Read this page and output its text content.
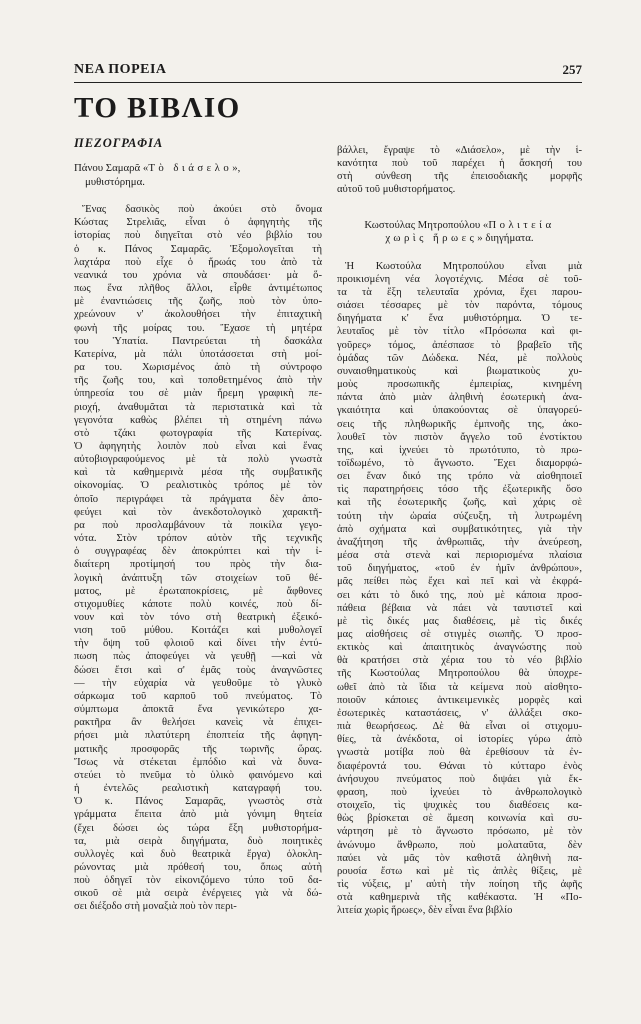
ΝΕΑ ΠΟΡΕΙΑ	257
ΤΟ ΒΙΒΛΙΟ
ΠΕΖΟΓΡΑΦΙΑ
Πάνου Σαμαρᾶ «Τὸ διάσελο»,
μυθιστόρημα.
Ἕνας δασικὸς ποὺ ἀκούει στὸ ὄνομα
Κώστας Στρελιᾶς, εἶναι ὁ ἀφηγητὴς τῆς
ἱστορίας ποὺ διηγεῖται στὸ νέο βιβλίο του
ὁ κ. Πάνος Σαμαρᾶς. Ἐξομολογεῖται τὴ
λαχτάρα ποὺ εἶχε ὁ ἥρωάς του ἀπὸ τὰ
νεανικά του χρόνια νὰ σπουδάσει· μὰ ὅ-
πως ἕνα πλῆθος ἄλλοι, εἶρθε ἀντιμέτωπος
μὲ ἐναντιώσεις τῆς ζωῆς, ποὺ τὸν ὑπο-
χρεώνουν ν' ἀκολουθήσει τὴν ἐπιταχτικὴ
φωνὴ τῆς μοίρας του. Ἔχασε τὴ μητέρα
του Ὑπατία. Παντρεύεται τὴ δασκάλα
Κατερίνα, μὰ πάλι ὑποτάσσεται στὴ μοί-
ρα του. Χωρισμένος ἀπὸ τὴ σύντροφο
τῆς ζωῆς του, καὶ τοποθετημένος ἀπὸ τὴν
ὑπηρεσία του σὲ μιὰν ἥρεμη γραφικὴ πε-
ριοχή, ἀναθυμᾶται τὰ περιστατικὰ καὶ τὰ
γεγονότα καθὼς βλέπει τὴ στημένη πάνω
στὸ τζάκι φωτογραφία τῆς Κατερίνας.
Ὁ ἀφηγητὴς λοιπὸν ποὺ εἶναι καὶ ἕνας
αὐτοβιογραφούμενος μὲ τὰ πολὺ γνωστὰ
καὶ τὰ καθημερινὰ μέσα τῆς συμβατικῆς
οἰκονομίας. Ὁ ρεαλιστικὸς τρόπος μὲ τὸν
ὁποῖο περιγράφει τὰ πράγματα δὲν ἀπο-
φεύγει καὶ τὸν ἀνεκδοτολογικὸ χαρακτῆ-
ρα ποὺ προσλαμβάνουν τὰ ποικίλα γεγο-
νότα. Στὸν τρόπον αὐτὸν τῆς τεχνικῆς
ὁ συγγραφέας δὲν ἀποκρύπτει καὶ τὴν ἰ-
διαίτερη προτίμησή του πρὸς τὴν δια-
λογικὴ ἀνάπτυξη τῶν στοιχείων τοῦ θέ-
ματος, μὲ ἐρωταποκρίσεις, μὲ ἄφθονες
στιχομυθίες κάποτε πολὺ κοινές, ποὺ δί-
νουν καὶ τὸν τόνο στὴ θεατρικὴ ἐξεικό-
νιση τοῦ μύθου. Κοιτάζει καὶ μυθολογεῖ
τὴν ὄψη τοῦ φλοιοῦ καὶ δίνει τὴν ἐντύ-
πωση πὼς ἀποφεύγει νὰ γευθῇ —καὶ νὰ
δώσει ἔτσι καὶ σ' ἐμᾶς τοὺς ἀναγνῶστες
— τὴν εὐχαρία νὰ γευθοῦμε τὸ γλυκὸ
σάρκωμα τοῦ καρποῦ τοῦ πνεύματος. Τὸ
σύμπτωμα ἀποκτᾶ ἕνα γενικώτερο χα-
ρακτῆρα ἂν θελήσει κανεὶς νὰ ἐπιχει-
ρήσει μιὰ πλατύτερη ἐποπτεία τῆς ἀφηγη-
ματικῆς προσφορᾶς τῆς τωρινῆς ὥρας.
Ἴσως νὰ στέκεται ἐμπόδιο καὶ νὰ δυνα-
στεύει τὸ πνεῦμα τὸ ὑλικὸ φαινόμενο καὶ
ἡ ἐντελῶς ρεαλιστικὴ καταγραφή του.
Ὁ κ. Πάνος Σαμαρᾶς, γνωστὸς στὰ
γράμματα ἔπειτα ἀπὸ μιὰ γόνιμη θητεία
(ἔχει δώσει ὡς τώρα ἕξη μυθιστορήμα-
τα, μιὰ σειρὰ διηγήματα, δυὸ ποιητικὲς
συλλογὲς καὶ δυὸ θεατρικὰ ἔργα) ὁλοκλη-
ρώνοντας μιὰ πρόθεσή του, ὅπως αὐτὴ
ποὺ ὁδηγεῖ τὸν εἰκονιζόμενο τύπο τοῦ δα-
σικοῦ σὲ μιὰ σειρὰ ἐνέργειες γιὰ νὰ δώ-
σει διέξοδο στὴ μοναξιὰ ποὺ τὸν περι-
βάλλει, ἔγραψε τὸ «Διάσελο», μὲ τὴν ἱ-
κανότητα ποὺ τοῦ παρέχει ἡ ἄσκησή του
στὴ σύνθεση τῆς ἐπεισοδιακῆς μορφῆς
αὐτοῦ τοῦ μυθιστορήματος.
Κωστούλας Μητροπούλου «Πολιτεία
χωρὶς ἥρωες» διηγήματα.
Ἡ Κωστούλα Μητροπούλου εἶναι μιὰ
προικισμένη νέα λογοτέχνις. Μέσα σὲ τοῦ-
τα τὰ ἕξη τελευταῖα χρόνια, ἔχει παρου-
σιάσει τέσσαρες μὲ τὸν παρόντα, τόμους
διηγήματα κ' ἕνα μυθιστόρημα. Ὁ τε-
λευταῖος μὲ τὸν τίτλο «Πρόσωπα καὶ φι-
γοῦρες» τόμος, ἀπέσπασε τὸ βραβεῖο τῆς
ὁμάδας τῶν Δώδεκα. Νέα, μὲ πολλοὺς
συναισθηματικοὺς καὶ βιωματικοὺς χυ-
μοὺς προσωπικῆς ἐμπειρίας, κινημένη
πάντα ἀπὸ μιὰν ἀληθινὴ ἐσωτερικὴ ἀνα-
γκαιότητα καὶ ὑπακούοντας σὲ ὑπαγορεύ-
σεις τῆς πληθωρικῆς ἐμπνοῆς της, ἀκο-
λουθεῖ τὸν πιστὸν ἄγγελο τοῦ ἐνστίκτου
της, καὶ ἰχνεύει τὸ πρωτότυπο, τὸ πρω-
τοϊδωμένο, τὸ ἄγνωστο. Ἔχει διαμορφώ-
σει ἕναν δικό της τρόπο νὰ αἰσθηποιεῖ
τὶς παρατηρήσεις τόσο τῆς ἐξωτερικῆς ὅσο
καὶ τῆς ἐσωτερικῆς ζωῆς, καὶ χάρις σὲ
τούτη τὴν ὡραία σύζευξη, τὴ λυτρωμένη
ἀπὸ σχήματα καὶ συμβατικότητες, γιὰ τὴν
ἀναζήτηση τῆς ἀνθρωπιᾶς, τὴν ἀνεύρεση,
μέσα στὰ στενὰ καὶ περιορισμένα πλαίσια
τοῦ διηγήματος, «τοῦ ἐν ἡμῖν ἀνθρώπου»,
μᾶς πείθει πὼς ἔχει καὶ πεῖ καὶ νὰ ἐκφρά-
σει κάτι τὸ δικό της, ποὺ μὲ κάποια προσ-
πάθεια βέβαια νὰ πάει νὰ ταυτιστεῖ καὶ
μὲ τὶς δικές μας διαθέσεις, μὲ τὶς δικές
μας αἰσθήσεις σὲ στιγμὲς σιωπῆς. Ὁ προσ-
εκτικὸς καὶ ἀπαιτητικὸς ἀναγνώστης ποὺ
θὰ κρατήσει στὰ χέρια του τὸ νέο βιβλίο
τῆς Κωστούλας Μητροπούλου θὰ ὑποχρε-
ωθεῖ ἀπὸ τὰ ἴδια τὰ κείμενα ποὺ αἰσθητο-
ποιοῦν κάποιες ἀντικειμενικὲς μορφὲς καὶ
ἐσωτερικὲς καταστάσεις, ν' ἀλλάξει σκο-
πιὰ θεωρήσεως. Δὲ θὰ εἶναι οἱ στιχομυ-
θίες, τὰ ἀνέκδοτα, οἱ ἱστορίες γύρω ἀπὸ
γνωστὰ μοτίβα ποὺ θὰ ἐρεθίσουν τὰ ἐν-
διαφέροντά του. Θάναι τὸ κύτταρο ἐνὸς
ἀνήσυχου πνεύματος ποὺ διψάει γιὰ ἔκ-
φραση, ποὺ ἰχνεύει τὸ ἀνθρωπολογικὸ
στοιχεῖο, τὶς ψυχικὲς του διαθέσεις κα-
θὼς βρίσκεται σὲ ἄμεση κοινωνία καὶ συ-
νάρτηση μὲ τὸ ἄγνωστο πρόσωπο, μὲ τὸν
ἀνώνυμο ἄνθρωπο, ποὺ μολαταῦτα, δὲν
παύει νὰ μᾶς τὸν καθιστᾶ ἀληθινὴ πα-
ρουσία ἔστω καὶ μὲ τὶς ἁπλὲς θίξεις, μὲ
τὶς νύξεις, μ' αὐτὴ τὴν ποίηση τῆς ἀφῆς
στὰ καθημερινὰ τῆς καθέκαστα. Ἡ «Πο-
λιτεία χωρὶς ἥρωες», δὲν εἶναι ἕνα βιβλίο
